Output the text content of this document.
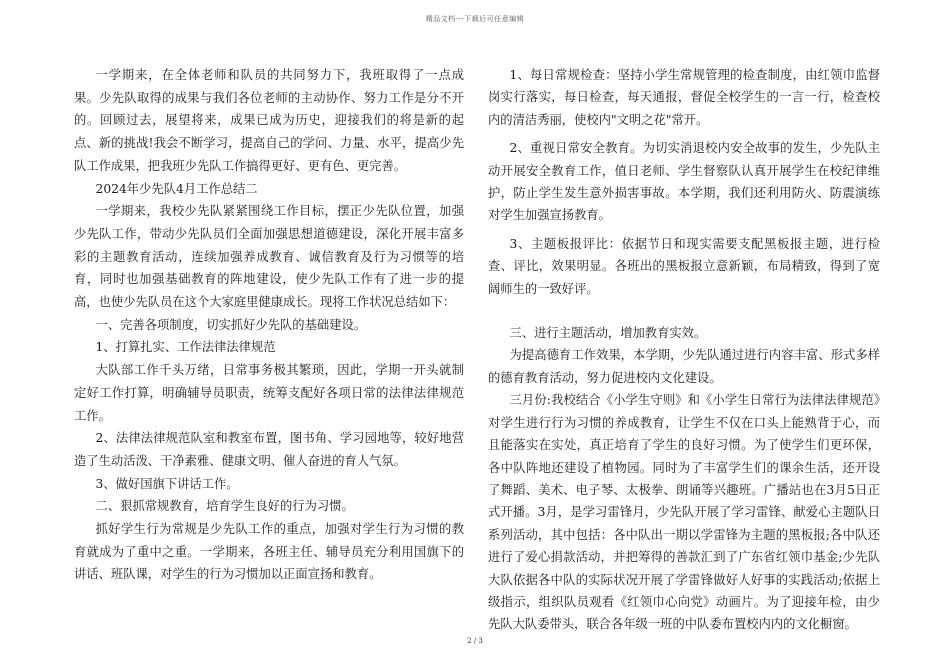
精品文档---下载后可任意编辑

一学期来，在全体老师和队员的共同努力下，我班取得了一点成果。少先队取得的成果与我们各位老师的主动协作、努力工作是分不开的。回顾过去，展望将来，成果已成为历史，迎接我们的将是新的起点、新的挑战!我会不断学习，提高自己的学问、力量、水平，提高少先队工作成果，把我班少先队工作搞得更好、更有色、更完善。

2024年少先队4月工作总结二

一学期来，我校少先队紧紧围绕工作目标，摆正少先队位置，加强少先队工作，带动少先队员们全面加强思想道德建设，深化开展丰富多彩的主题教育活动，连续加强养成教育、诚信教育及行为习惯等的培育，同时也加强基础教育的阵地建设，使少先队工作有了进一步的提高，也使少先队员在这个大家庭里健康成长。现将工作状况总结如下：

一、完善各项制度，切实抓好少先队的基础建设。

1、打算扎实、工作法律法律规范

大队部工作千头万绪，日常事务极其繁琐，因此，学期一开头就制定好工作打算，明确辅导员职责，统筹支配好各项日常的法律法律规范工作。

2、法律法律规范队室和教室布置，图书角、学习园地等，较好地营造了生动活泼、干净素雅、健康文明、催人奋进的育人气氛。

3、做好国旗下讲话工作。

二、狠抓常规教育，培育学生良好的行为习惯。

抓好学生行为常规是少先队工作的重点，加强对学生行为习惯的教育就成为了重中之重。一学期来，各班主任、辅导员充分利用国旗下的讲话、班队课，对学生的行为习惯加以正面宣扬和教育。

1、每日常规检查：坚持小学生常规管理的检查制度，由红领巾监督岗实行落实，每日检查，每天通报，督促全校学生的一言一行，检查校内的清洁秀丽，使校内"文明之花"常开。

2、重视日常安全教育。为切实消退校内安全故事的发生，少先队主动开展安全教育工作，值日老师、学生督察队认真开展学生在校纪律维护，防止学生发生意外损害事故。本学期，我们还利用防火、防震演练对学生加强宣扬教育。

3、主题板报评比：依据节日和现实需要支配黑板报主题，进行检查、评比，效果明显。各班出的黑板报立意新颖，布局精致，得到了宽阔师生的一致好评。

三、进行主题活动，增加教育实效。

为提高德育工作效果，本学期，少先队通过进行内容丰富、形式多样的德育教育活动，努力促进校内文化建设。

三月份:我校结合《小学生守则》和《小学生日常行为法律法律规范》对学生进行行为习惯的养成教育，让学生不仅在口头上能熟背于心，而且能落实在实处，真正培育了学生的良好习惯。为了使学生们更环保，各中队阵地还建设了植物园。同时为了丰富学生们的课余生活，还开设了舞蹈、美术、电子琴、太极拳、朗诵等兴趣班。广播站也在3月5日正式开播。3月，是学习雷锋月，少先队开展了学习雷锋、献爱心主题队日系列活动，其中包括：各中队出一期以学雷锋为主题的黑板报;各中队还进行了爱心捐款活动，并把筹得的善款汇到了广东省红领巾基金;少先队大队依据各中队的实际状况开展了学雷锋做好人好事的实践活动;依据上级指示，组织队员观看《红领巾心向党》动画片。为了迎接年检，由少先队大队委带头，联合各年级一班的中队委布置校内内的文化橱窗。

2 / 3
